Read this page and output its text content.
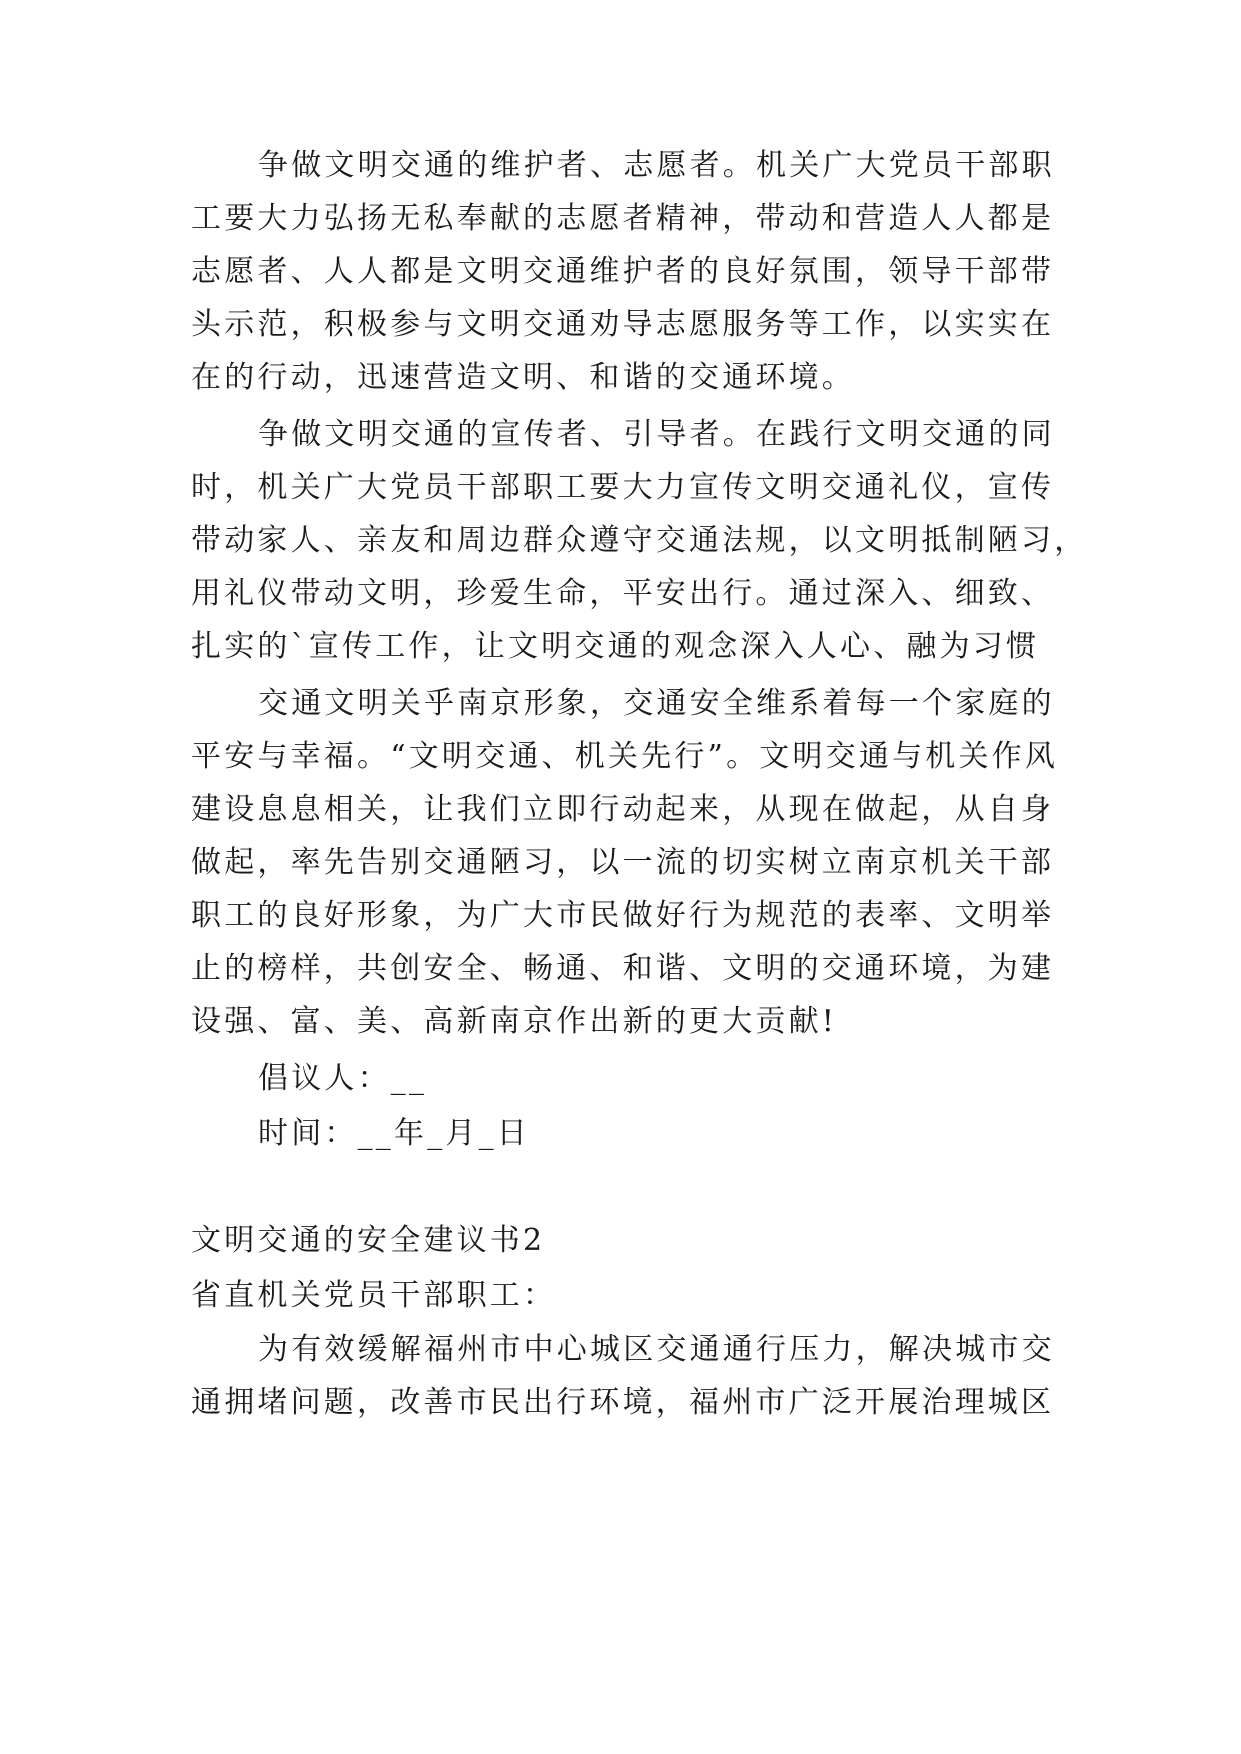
争做文明交通的维护者、志愿者。机关广大党员干部职
工要大力弘扬无私奉献的志愿者精神，带动和营造人人都是
志愿者、人人都是文明交通维护者的良好氛围，领导干部带
头示范，积极参与文明交通劝导志愿服务等工作，以实实在
在的行动，迅速营造文明、和谐的交通环境。
争做文明交通的宣传者、引导者。在践行文明交通的同
时，机关广大党员干部职工要大力宣传文明交通礼仪，宣传
带动家人、亲友和周边群众遵守交通法规，以文明抵制陋习，
用礼仪带动文明，珍爱生命，平安出行。通过深入、细致、
扎实的`宣传工作，让文明交通的观念深入人心、融为习惯
交通文明关乎南京形象，交通安全维系着每一个家庭的
平安与幸福。“文明交通、机关先行”。文明交通与机关作风
建设息息相关，让我们立即行动起来，从现在做起，从自身
做起，率先告别交通陋习，以一流的切实树立南京机关干部
职工的良好形象，为广大市民做好行为规范的表率、文明举
止的榜样，共创安全、畅通、和谐、文明的交通环境，为建
设强、富、美、高新南京作出新的更大贡献!
倡议人：__
时间：__年_月_日
文明交通的安全建议书2
省直机关党员干部职工：
为有效缓解福州市中心城区交通通行压力，解决城市交
通拥堵问题，改善市民出行环境，福州市广泛开展治理城区
